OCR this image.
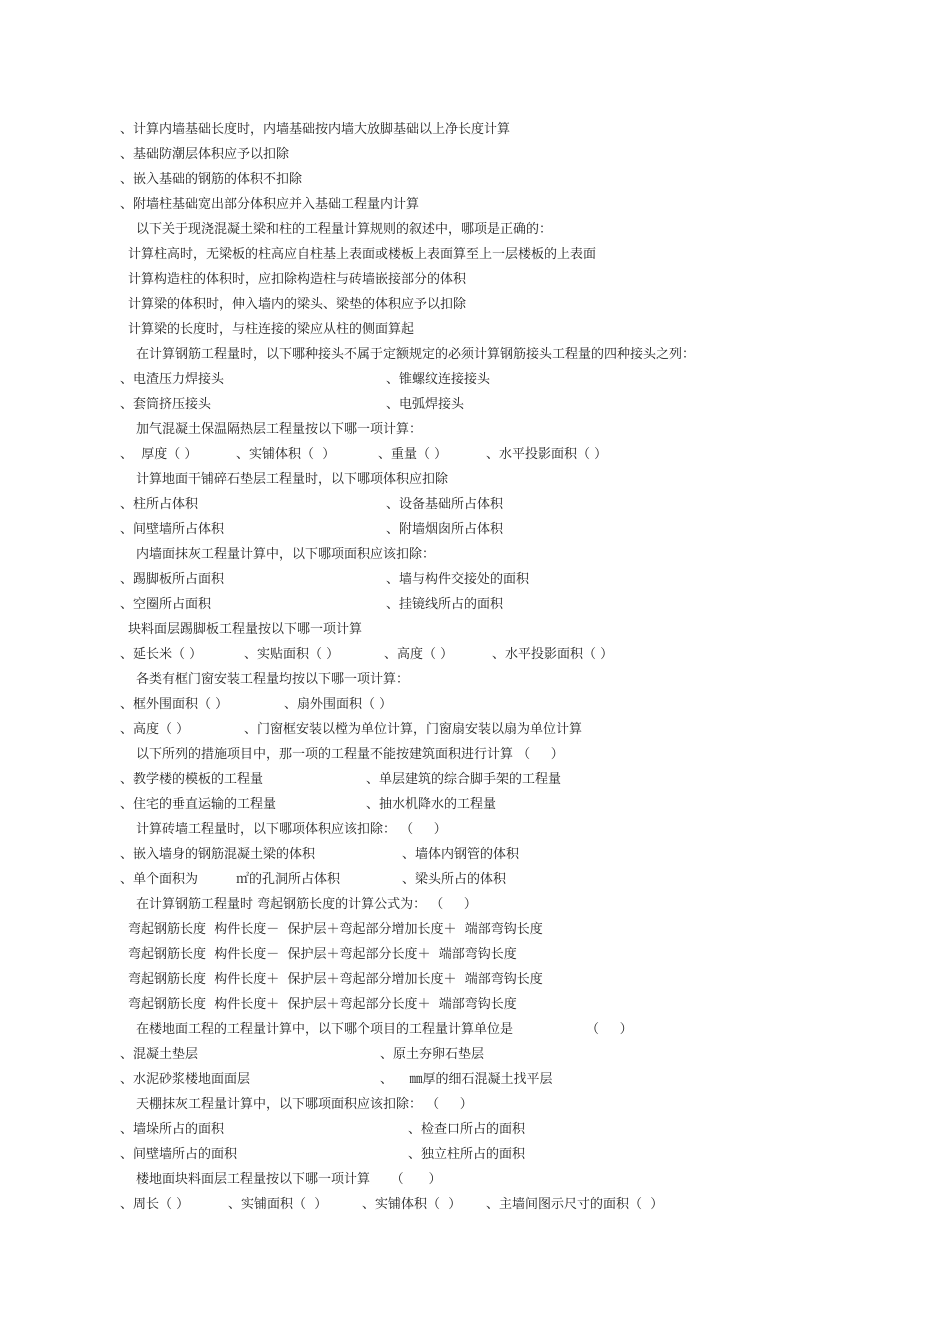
、计算内墙基础长度时，内墙基础按内墙大放脚基础以上净长度计算
、基础防潮层体积应予以扣除
、嵌入基础的钢筋的体积不扣除
、附墙柱基础宽出部分体积应并入基础工程量内计算
以下关于现浇混凝土梁和柱的工程量计算规则的叙述中，哪项是正确的：
计算柱高时，无梁板的柱高应自柱基上表面或楼板上表面算至上一层楼板的上表面
计算构造柱的体积时，应扣除构造柱与砖墙嵌接部分的体积
计算梁的体积时，伸入墙内的梁头、梁垫的体积应予以扣除
计算梁的长度时，与柱连接的梁应从柱的侧面算起
在计算钢筋工程量时，以下哪种接头不属于定额规定的必须计算钢筋接头工程量的四种接头之列：
、电渣压力焊接头	、锥螺纹连接接头
、套筒挤压接头	、电弧焊接头
加气混凝土保温隔热层工程量按以下哪一项计算：
、  厚度（ ）	、实铺体积（  ）	、重量（ ）	、水平投影面积（ ）
计算地面干铺碎石垫层工程量时，以下哪项体积应扣除
、柱所占体积	、设备基础所占体积
、间壁墙所占体积	、附墙烟囱所占体积
内墙面抹灰工程量计算中，以下哪项面积应该扣除：
、踢脚板所占面积	、墙与构件交接处的面积
、空圈所占面积	、挂镜线所占的面积
块料面层踢脚板工程量按以下哪一项计算
、延长米（ ）	、实贴面积（ ）	、高度（ ）	、水平投影面积（ ）
各类有框门窗安装工程量均按以下哪一项计算：
、框外围面积（ ）	、扇外围面积（ ）
、高度（ ）	、门窗框安装以樘为单位计算，门窗扇安装以扇为单位计算
以下所列的措施项目中，那一项的工程量不能按建筑面积进行计算 （     ）
、教学楼的模板的工程量	、单层建筑的综合脚手架的工程量
、住宅的垂直运输的工程量	、抽水机降水的工程量
计算砖墙工程量时，以下哪项体积应该扣除： （     ）
、嵌入墙身的钢筋混凝土梁的体积	、墙体内钢管的体积
、单个面积为	㎡的孔洞所占体积	、梁头所占的体积
在计算钢筋工程量时 弯起钢筋长度的计算公式为： （     ）
弯起钢筋长度  构件长度－  保护层＋弯起部分增加长度＋  端部弯钩长度
弯起钢筋长度  构件长度－  保护层＋弯起部分长度＋  端部弯钩长度
弯起钢筋长度  构件长度＋  保护层＋弯起部分增加长度＋  端部弯钩长度
弯起钢筋长度  构件长度＋  保护层＋弯起部分长度＋  端部弯钩长度
在楼地面工程的工程量计算中，以下哪个项目的工程量计算单位是	（     ）
、混凝土垫层	、原土夯卵石垫层
、水泥砂浆楼地面面层	、    ㎜厚的细石混凝土找平层
天棚抹灰工程量计算中，以下哪项面积应该扣除： （     ）
、墙垛所占的面积	、检查口所占的面积
、间壁墙所占的面积	、独立柱所占的面积
楼地面块料面层工程量按以下哪一项计算     （      ）
、周长（ ）	、实铺面积（  ）	、实铺体积（  ） 、主墙间图示尺寸的面积（  ）
